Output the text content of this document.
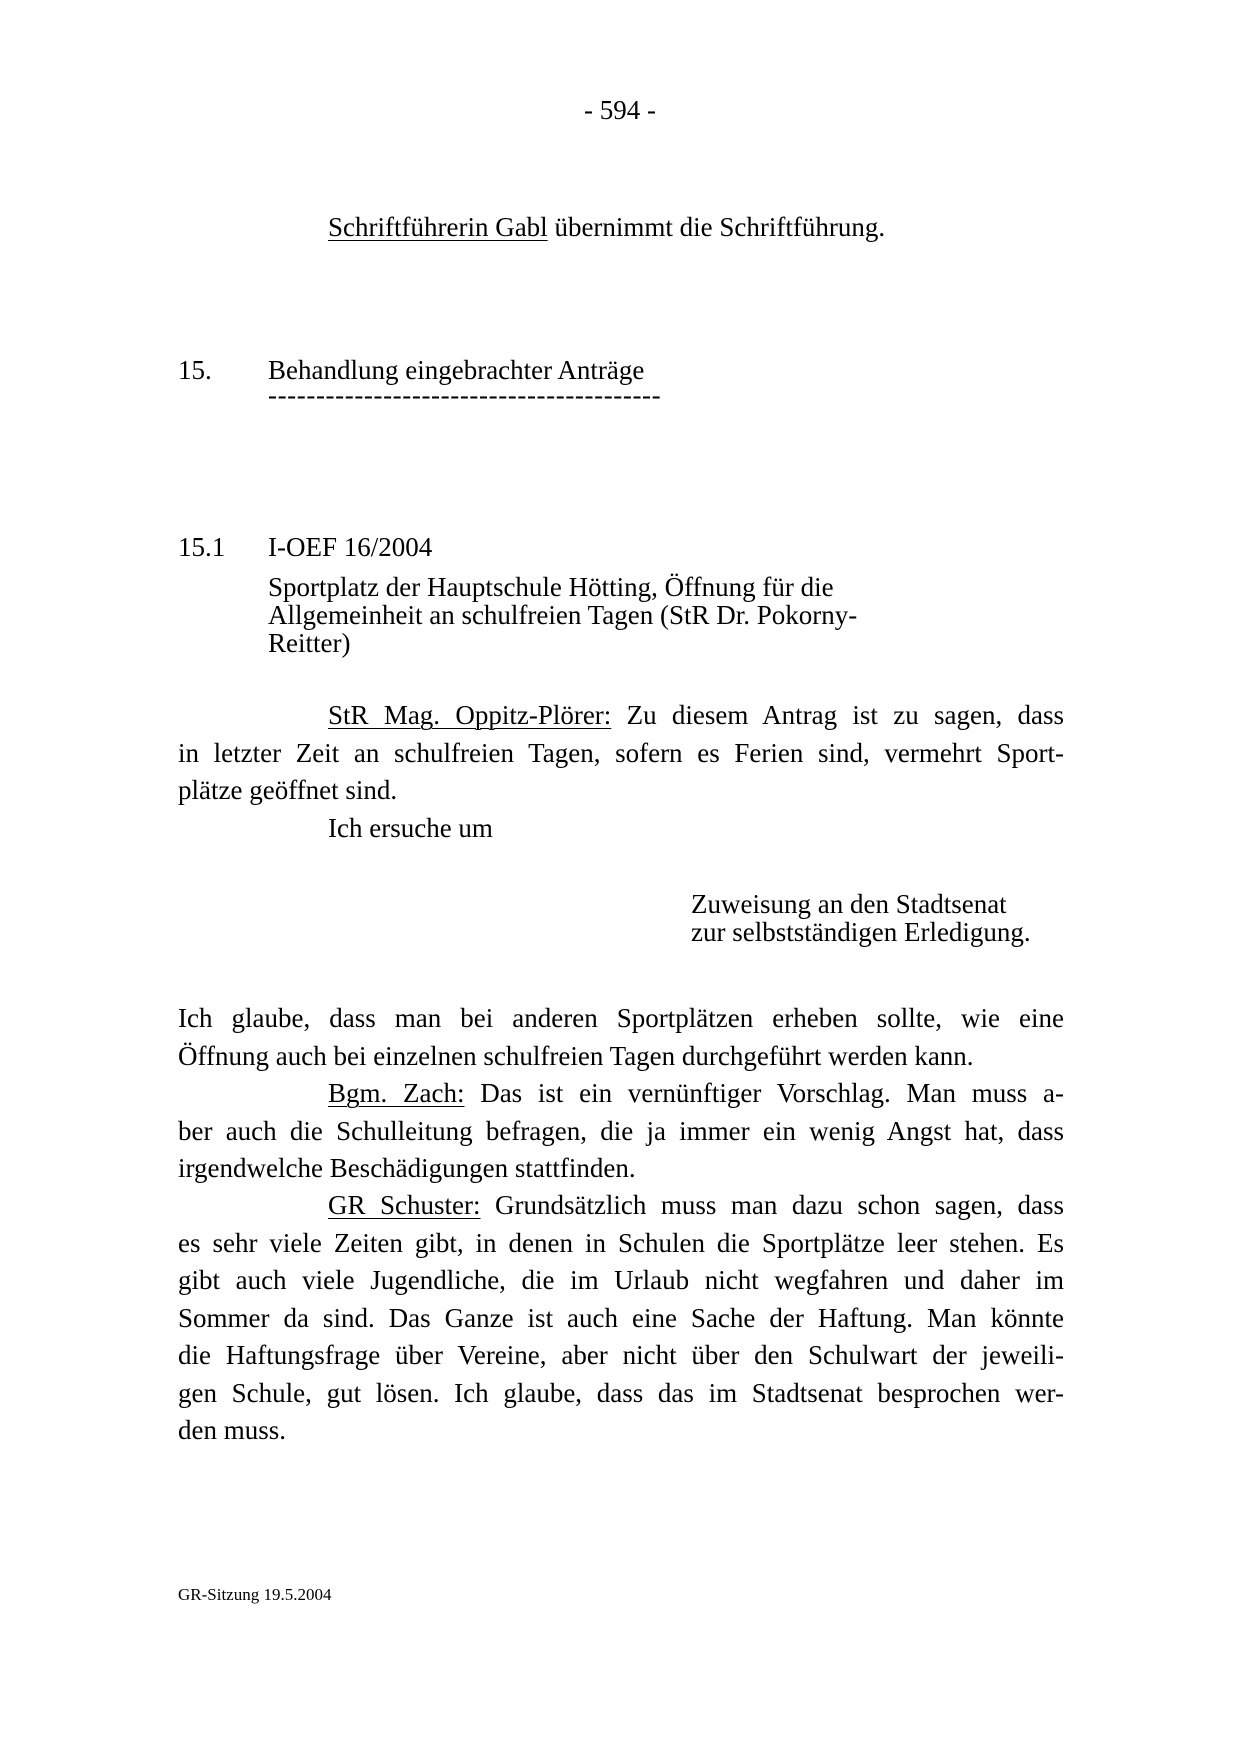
- 594 -
Schriftführerin Gabl übernimmt die Schriftführung.
15. Behandlung eingebrachter Anträge
-----------------------------------------
15.1 I-OEF 16/2004
Sportplatz der Hauptschule Hötting, Öffnung für die
Allgemeinheit an schulfreien Tagen (StR Dr. Pokorny-
Reitter)

StR Mag. Oppitz-Plörer: Zu diesem Antrag ist zu sagen, dass

in letzter Zeit an schulfreien Tagen, sofern es Ferien sind, vermehrt Sport-

plätze geöffnet sind.

Ich ersuche um

Zuweisung an den Stadtsenat
zur selbstständigen Erledigung.

Ich glaube, dass man bei anderen Sportplätzen erheben sollte, wie eine

Öffnung auch bei einzelnen schulfreien Tagen durchgeführt werden kann.

Bgm. Zach: Das ist ein vernünftiger Vorschlag. Man muss a-

ber auch die Schulleitung befragen, die ja immer ein wenig Angst hat, dass

irgendwelche Beschädigungen stattfinden.

GR Schuster: Grundsätzlich muss man dazu schon sagen, dass

es sehr viele Zeiten gibt, in denen in Schulen die Sportplätze leer stehen. Es

gibt auch viele Jugendliche, die im Urlaub nicht wegfahren und daher im

Sommer da sind. Das Ganze ist auch eine Sache der Haftung. Man könnte

die Haftungsfrage über Vereine, aber nicht über den Schulwart der jeweili-

gen Schule, gut lösen. Ich glaube, dass das im Stadtsenat besprochen wer-

den muss.

GR-Sitzung 19.5.2004
